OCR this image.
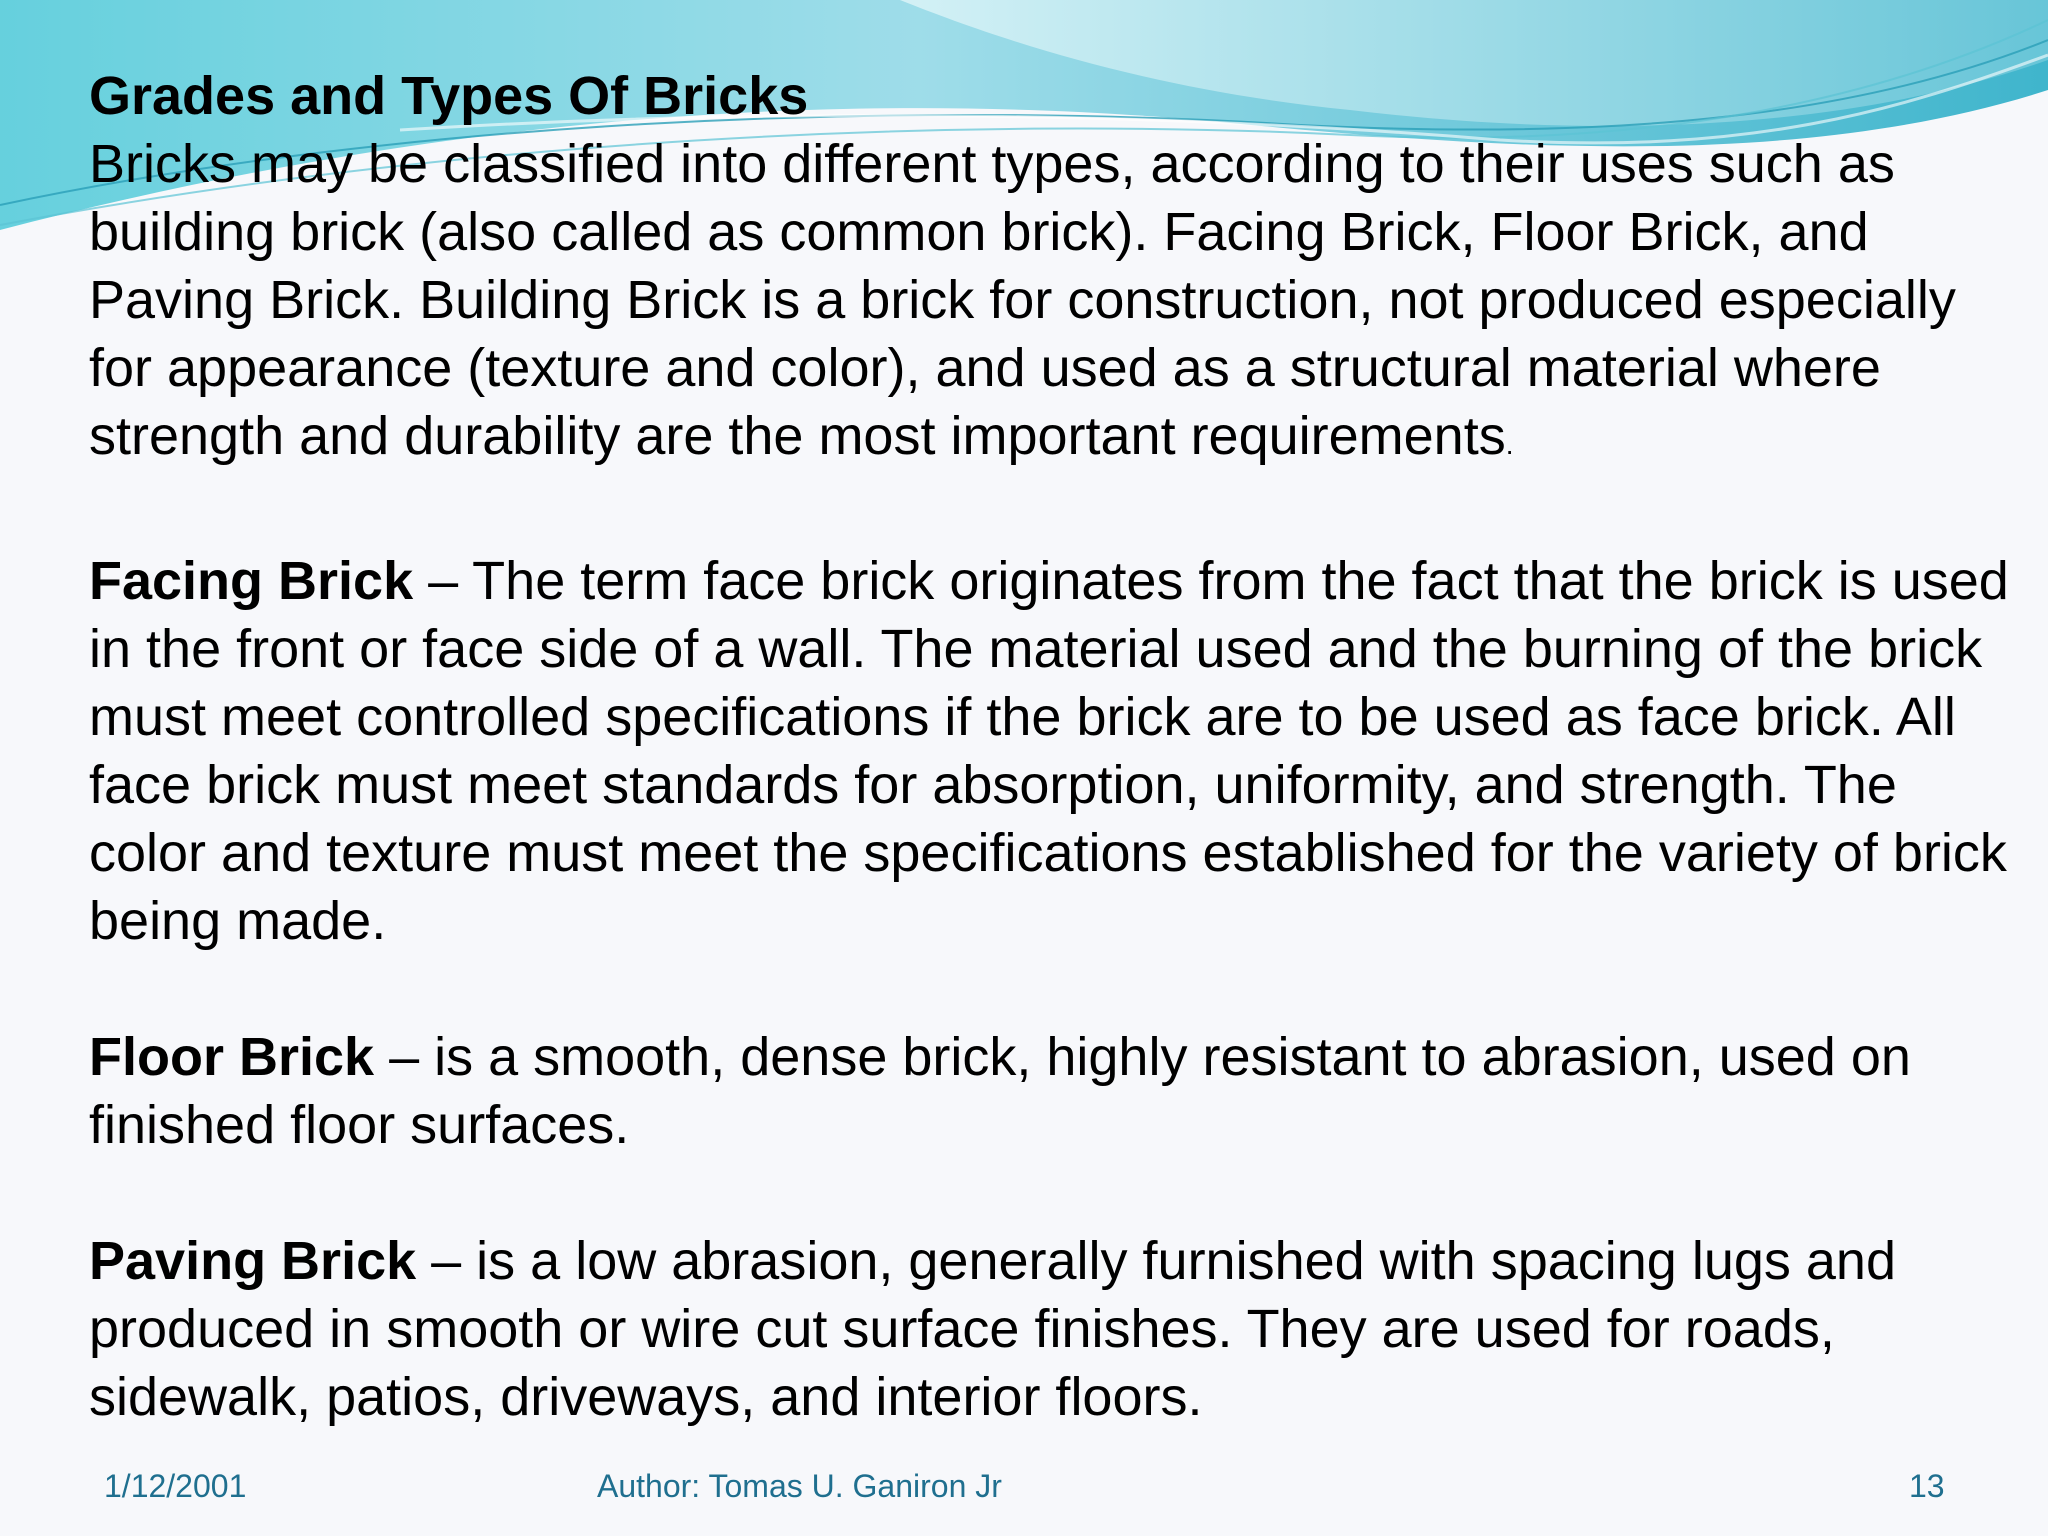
Grades and Types Of Bricks
Bricks may be classified into different types, according to their uses such as building brick (also called as common brick). Facing Brick, Floor Brick, and Paving Brick. Building Brick is a brick for construction, not produced especially for appearance (texture and color), and used as a structural material where strength and durability are the most important requirements.
Facing Brick – The term face brick originates from the fact that the brick is used in the front or face side of a wall. The material used and the burning of the brick must meet controlled specifications if the brick are to be used as face brick. All face brick must meet standards for absorption, uniformity, and strength. The color and texture must meet the specifications established for the variety of brick being made.
Floor Brick – is a smooth, dense brick, highly resistant to abrasion, used on finished floor surfaces.
Paving Brick – is a low abrasion, generally furnished with spacing lugs and produced in smooth or wire cut surface finishes. They are used for roads, sidewalk, patios, driveways, and interior floors.
1/12/2001	Author: Tomas U. Ganiron Jr	13
